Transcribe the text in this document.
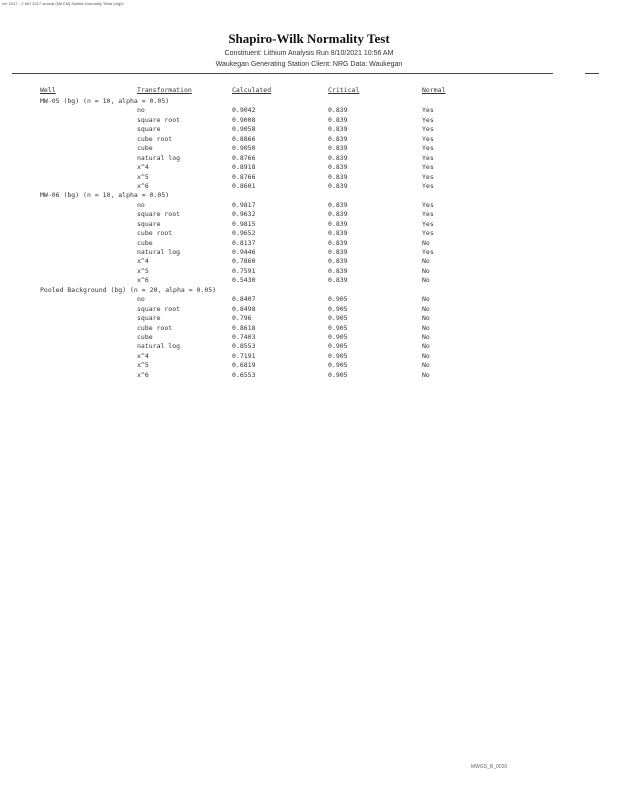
ref: 2017 - 2 MG 2017 annual (MKCM) Sulfate Normality Tests (mg/l)
Shapiro-Wilk Normality Test
Constituent: Lithium Analysis Run 8/10/2021 10:56 AM
Waukegan Generating Station Client: NRG Data: Waukegan
Well	Transformation	Calculated	Critical	Normal
MW-05 (bg) (n = 10, alpha = 0.05)
no	0.9042	0.839	Yes
square root	0.9008	0.839	Yes
square	0.9058	0.839	Yes
cube root	0.8866	0.839	Yes
cube	0.9050	0.839	Yes
natural log	0.8766	0.839	Yes
x^4	0.8918	0.839	Yes
x^5	0.8766	0.839	Yes
x^6	0.8601	0.839	Yes
MW-06 (bg) (n = 10, alpha = 0.05)
no	0.9817	0.839	Yes
square root	0.9632	0.839	Yes
square	0.9815	0.839	Yes
cube root	0.9652	0.839	Yes
cube	0.8137	0.839	No
natural log	0.9446	0.839	Yes
x^4	0.7860	0.839	No
x^5	0.7591	0.839	No
x^6	0.5430	0.839	No
Pooled Background (bg) (n = 20, alpha = 0.05)
no	0.8407	0.905	No
square root	0.8498	0.905	No
square	0.796	0.905	No
cube root	0.8618	0.905	No
cube	0.7403	0.905	No
natural log	0.8553	0.905	No
x^4	0.7191	0.905	No
x^5	0.6819	0.905	No
x^6	0.6553	0.905	No
MWGS_B_0020
